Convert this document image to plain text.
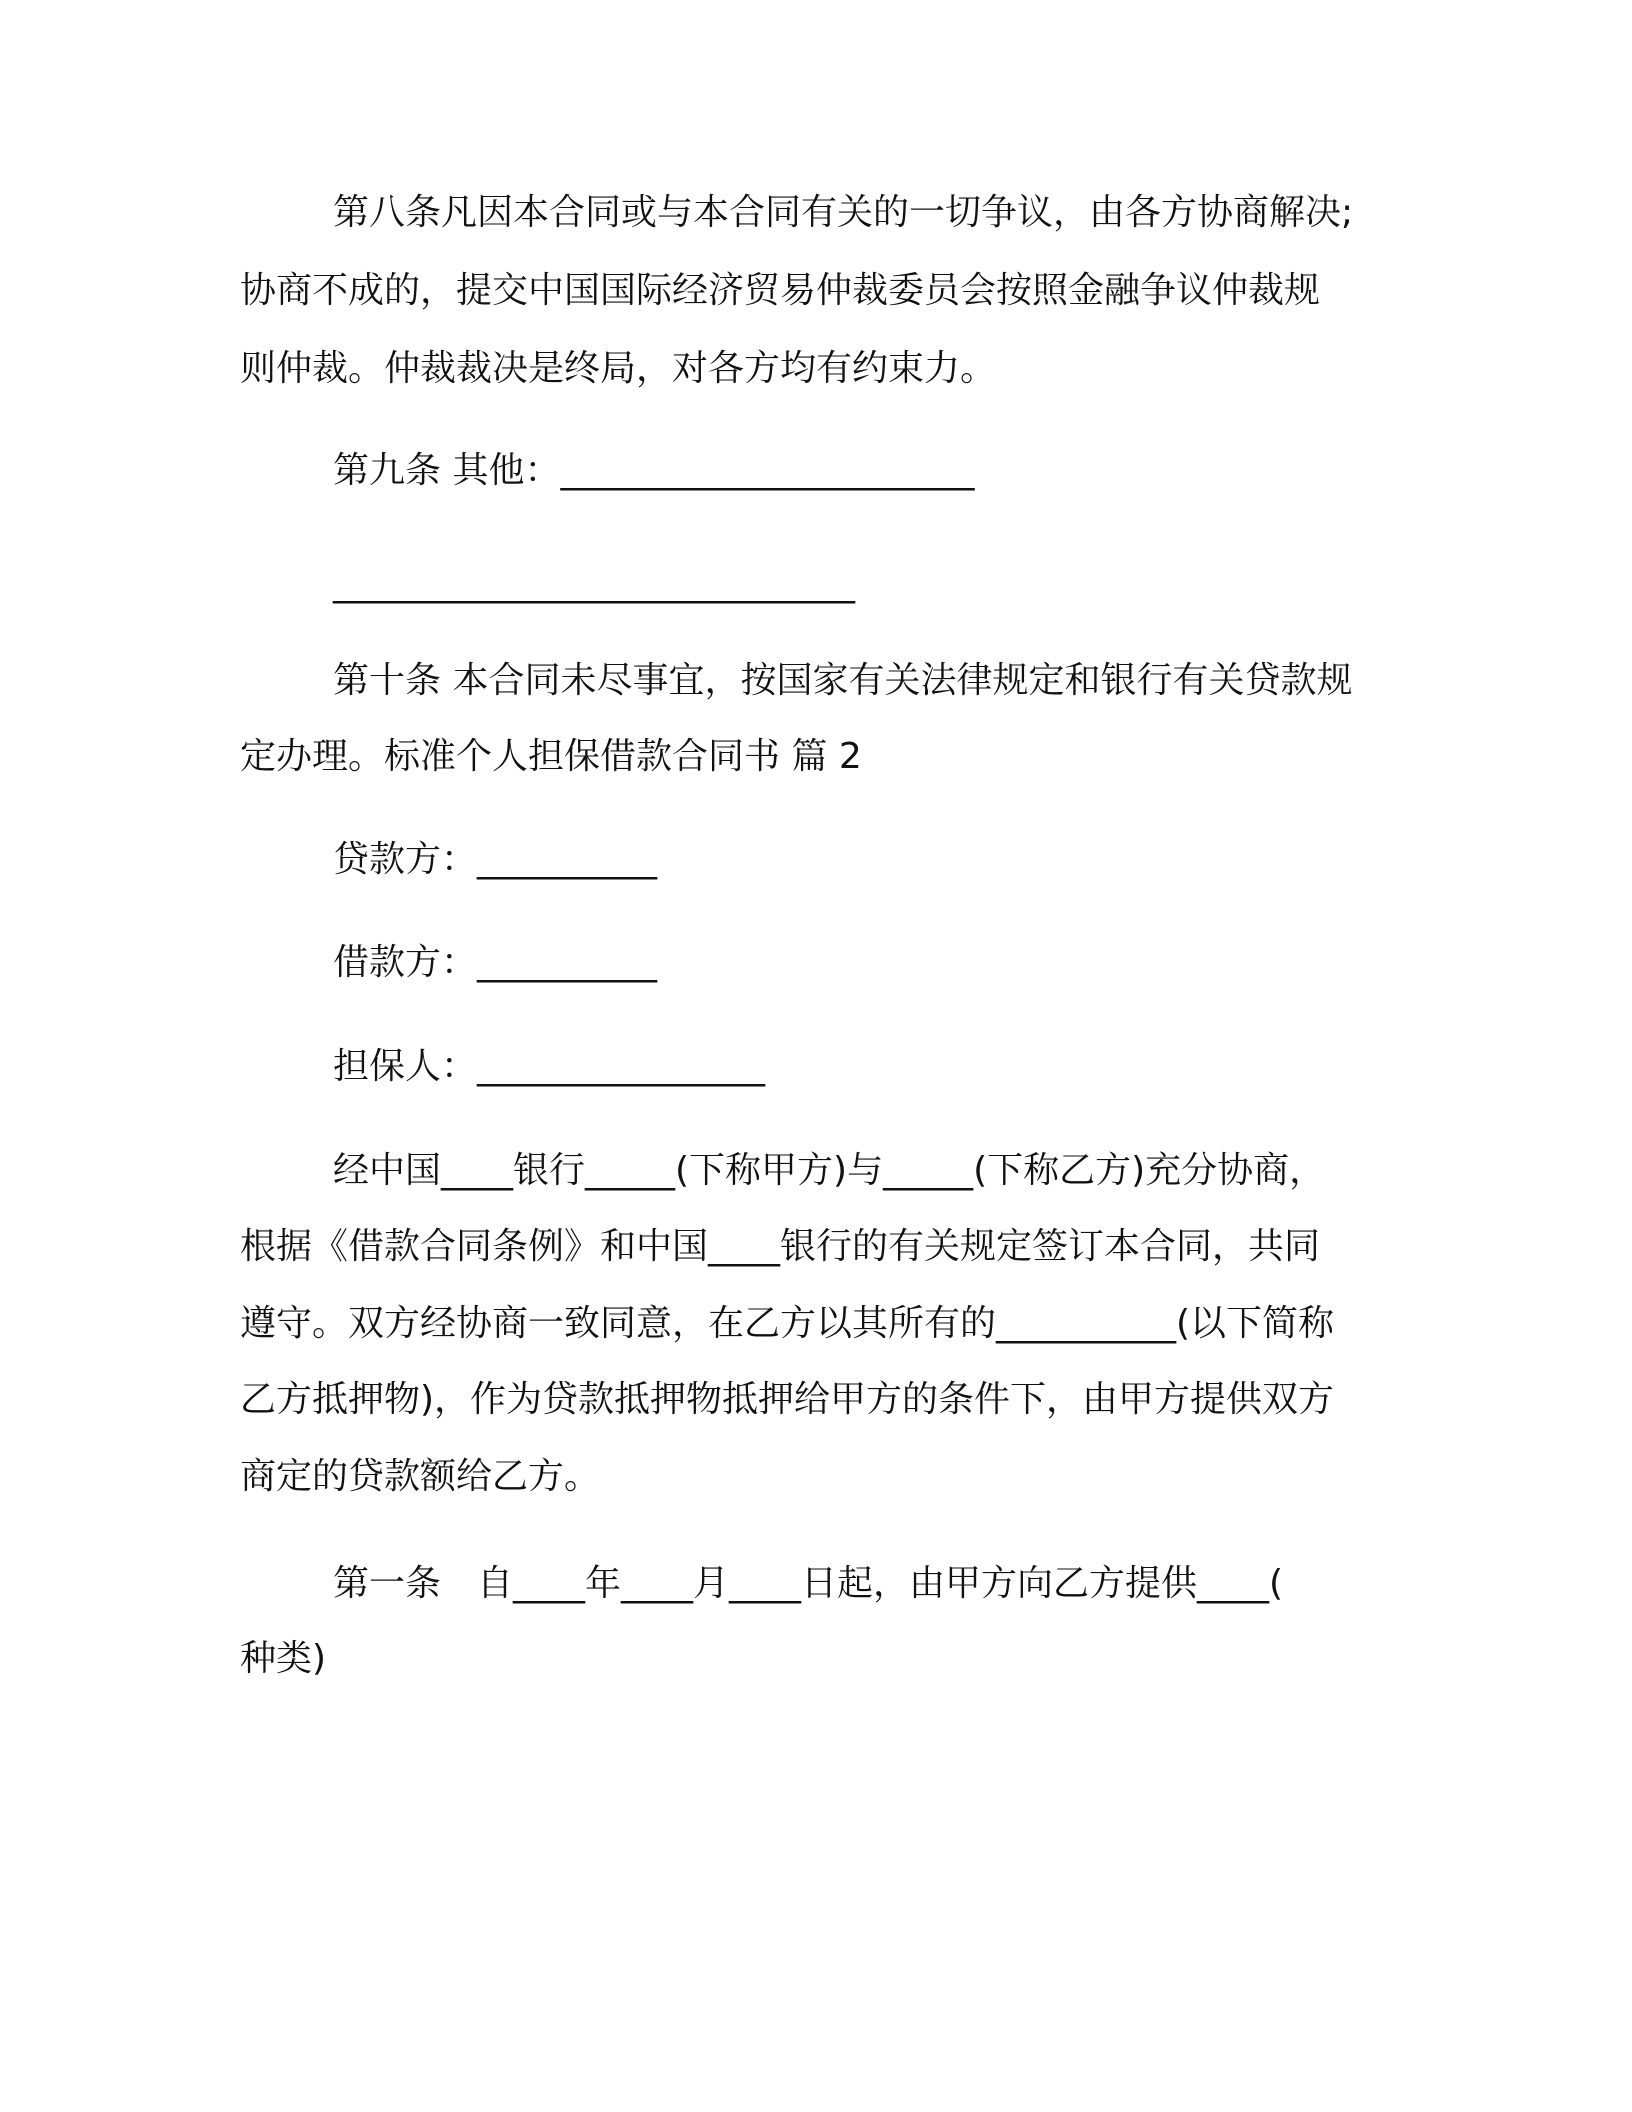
第八条凡因本合同或与本合同有关的一切争议，由各方协商解决;
协商不成的，提交中国国际经济贸易仲裁委员会按照金融争议仲裁规
则仲裁。仲裁裁决是终局，对各方均有约束力。
第九条 其他：_______________________
_____________________________
第十条 本合同未尽事宜，按国家有关法律规定和银行有关贷款规
定办理。标准个人担保借款合同书 篇 2
贷款方：__________
借款方：__________
担保人：________________
经中国____银行_____(下称甲方)与_____(下称乙方)充分协商，
根据《借款合同条例》和中国____银行的有关规定签订本合同，共同
遵守。双方经协商一致同意，在乙方以其所有的__________(以下简称
乙方抵押物)，作为贷款抵押物抵押给甲方的条件下，由甲方提供双方
商定的贷款额给乙方。
第一条　自____年____月____日起，由甲方向乙方提供____(
种类)
